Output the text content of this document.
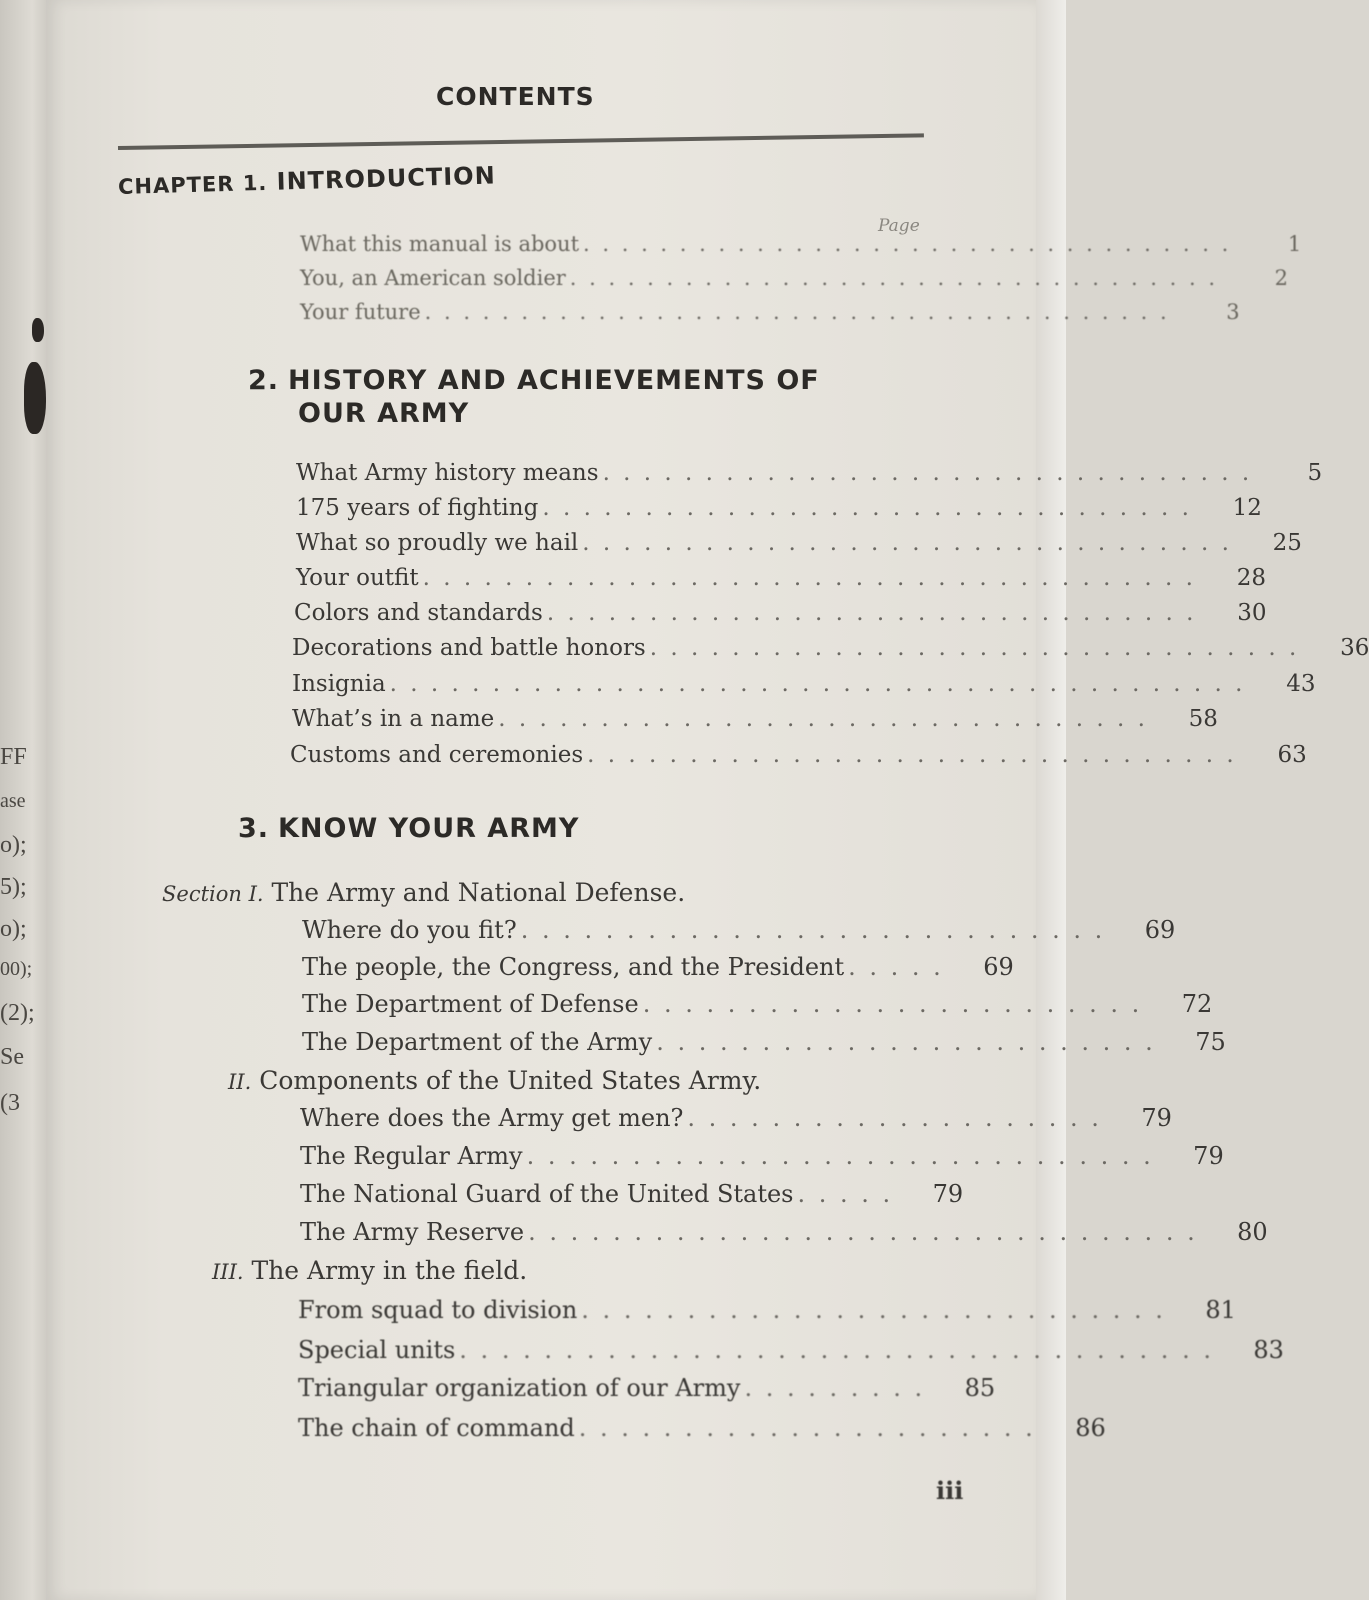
FF
ase
o);
5);
o);
00);
(2);
Se
(3
CONTENTS
CHAPTER 1. INTRODUCTION
Page
What this manual is about . . . . . . . . . . . . . . . . . . . . . . . . . . . . . . . . . .	1
You, an American soldier . . . . . . . . . . . . . . . . . . . . . . . . . . . . . . . . . .	2
Your future . . . . . . . . . . . . . . . . . . . . . . . . . . . . . . . . . . . . . . .	3
2. HISTORY AND ACHIEVEMENTS OF
OUR ARMY
What Army history means . . . . . . . . . . . . . . . . . . . . . . . . . . . . . . . .	5
175 years of fighting . . . . . . . . . . . . . . . . . . . . . . . . . . . . . . . .	12
What so proudly we hail . . . . . . . . . . . . . . . . . . . . . . . . . . . . . . . .	25
Your outfit . . . . . . . . . . . . . . . . . . . . . . . . . . . . . . . . . . . . . .	28
Colors and standards . . . . . . . . . . . . . . . . . . . . . . . . . . . . . . . .	30
Decorations and battle honors . . . . . . . . . . . . . . . . . . . . . . . . . . . . . . . .	36
Insignia . . . . . . . . . . . . . . . . . . . . . . . . . . . . . . . . . . . . . . . . . .	43
What’s in a name . . . . . . . . . . . . . . . . . . . . . . . . . . . . . . . .	58
Customs and ceremonies . . . . . . . . . . . . . . . . . . . . . . . . . . . . . . . .	63
3. KNOW YOUR ARMY
Section I. The Army and National Defense.
Where do you fit? . . . . . . . . . . . . . . . . . . . . . . . . . . . .	69
The people, the Congress, and the President . . . . .	69
The Department of Defense . . . . . . . . . . . . . . . . . . . . . . . .	72
The Department of the Army . . . . . . . . . . . . . . . . . . . . . . . .	75
II. Components of the United States Army.
Where does the Army get men? . . . . . . . . . . . . . . . . . . . .	79
The Regular Army . . . . . . . . . . . . . . . . . . . . . . . . . . . . . .	79
The National Guard of the United States . . . . .	79
The Army Reserve . . . . . . . . . . . . . . . . . . . . . . . . . . . . . . . .	80
III. The Army in the field.
From squad to division . . . . . . . . . . . . . . . . . . . . . . . . . . . .	81
Special units . . . . . . . . . . . . . . . . . . . . . . . . . . . . . . . . . . . .	83
Triangular organization of our Army . . . . . . . . .	85
The chain of command . . . . . . . . . . . . . . . . . . . . . .	86
iii
